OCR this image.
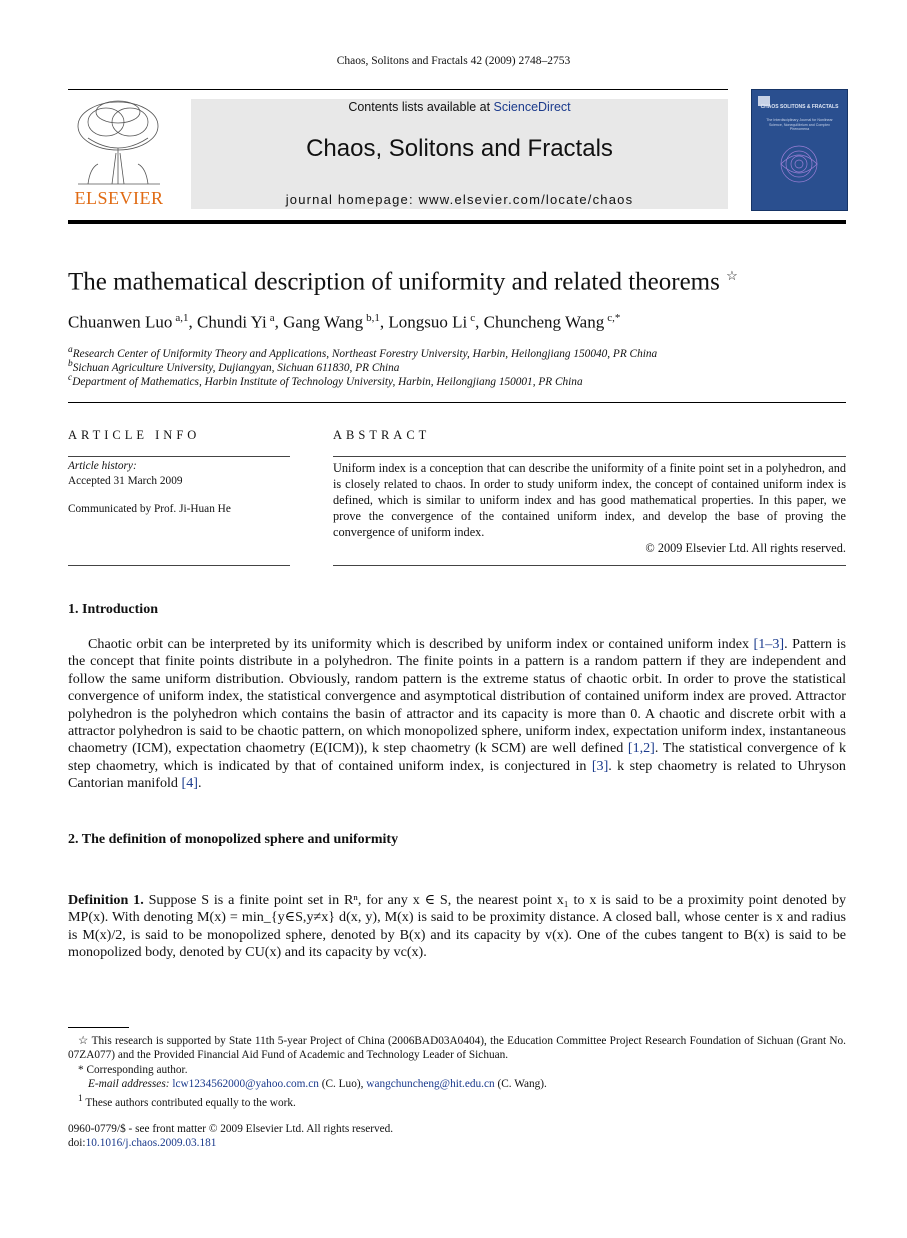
Chaos, Solitons and Fractals 42 (2009) 2748–2753
ELSEVIER
Contents lists available at ScienceDirect
Chaos, Solitons and Fractals
journal homepage: www.elsevier.com/locate/chaos
CHAOS SOLITONS & FRACTALS
The Interdisciplinary Journal for Nonlinear Science, Nonequilibrium and Complex Phenomena
The mathematical description of uniformity and related theorems ☆
Chuanwen Luo $^{a,1}$, Chundi Yi $^a$, Gang Wang $^{b,1}$, Longsuo Li $^c$, Chuncheng Wang $^{c,*}$
$^a$Research Center of Uniformity Theory and Applications, Northeast Forestry University, Harbin, Heilongjiang 150040, PR China
$^b$Sichuan Agriculture University, Dujiangyan, Sichuan 611830, PR China
$^c$Department of Mathematics, Harbin Institute of Technology University, Harbin, Heilongjiang 150001, PR China
ARTICLE INFO
Article history:
Accepted 31 March 2009
Communicated by Prof. Ji-Huan He
ABSTRACT
Uniform index is a conception that can describe the uniformity of a finite point set in a polyhedron, and is closely related to chaos. In order to study uniform index, the concept of contained uniform index is defined, which is similar to uniform index and has good mathematical properties. In this paper, we prove the convergence of the contained uniform index, and develop the base of proving the convergence of uniform index.
© 2009 Elsevier Ltd. All rights reserved.
1. Introduction
Chaotic orbit can be interpreted by its uniformity which is described by uniform index or contained uniform index [1–3]. Pattern is the concept that finite points distribute in a polyhedron. The finite points in a pattern is a random pattern if they are independent and follow the same uniform distribution. Obviously, random pattern is the extreme status of chaotic orbit. In order to prove the statistical convergence of uniform index, the statistical convergence and asymptotical distribution of contained uniform index are proved. Attractor polyhedron is the polyhedron which contains the basin of attractor and its capacity is more than 0. A chaotic and discrete orbit with a attractor polyhedron is said to be chaotic pattern, on which monopolized sphere, uniform index, expectation uniform index, instantaneous chaometry (ICM), expectation chaometry (E(ICM)), k step chaometry (k SCM) are well defined [1,2]. The statistical convergence of k step chaometry, which is indicated by that of contained uniform index, is conjectured in [3]. k step chaometry is related to Uhryson Cantorian manifold [4].
2. The definition of monopolized sphere and uniformity
Definition 1. Suppose S is a finite point set in Rⁿ, for any x ∈ S, the nearest point x₁ to x is said to be a proximity point denoted by MP(x). With denoting M(x) = min_{y∈S,y≠x} d(x, y), M(x) is said to be proximity distance. A closed ball, whose center is x and radius is M(x)/2, is said to be monopolized sphere, denoted by B(x) and its capacity by v(x). One of the cubes tangent to B(x) is said to be monopolized body, denoted by CU(x) and its capacity by vc(x).
☆ This research is supported by State 11th 5-year Project of China (2006BAD03A0404), the Education Committee Project Research Foundation of Sichuan (Grant No. 07ZA077) and the Provided Financial Aid Fund of Academic and Technology Leader of Sichuan.
* Corresponding author.
E-mail addresses: lcw1234562000@yahoo.com.cn (C. Luo), wangchuncheng@hit.edu.cn (C. Wang).
$^1$ These authors contributed equally to the work.
0960-0779/$ - see front matter © 2009 Elsevier Ltd. All rights reserved.
doi:10.1016/j.chaos.2009.03.181
